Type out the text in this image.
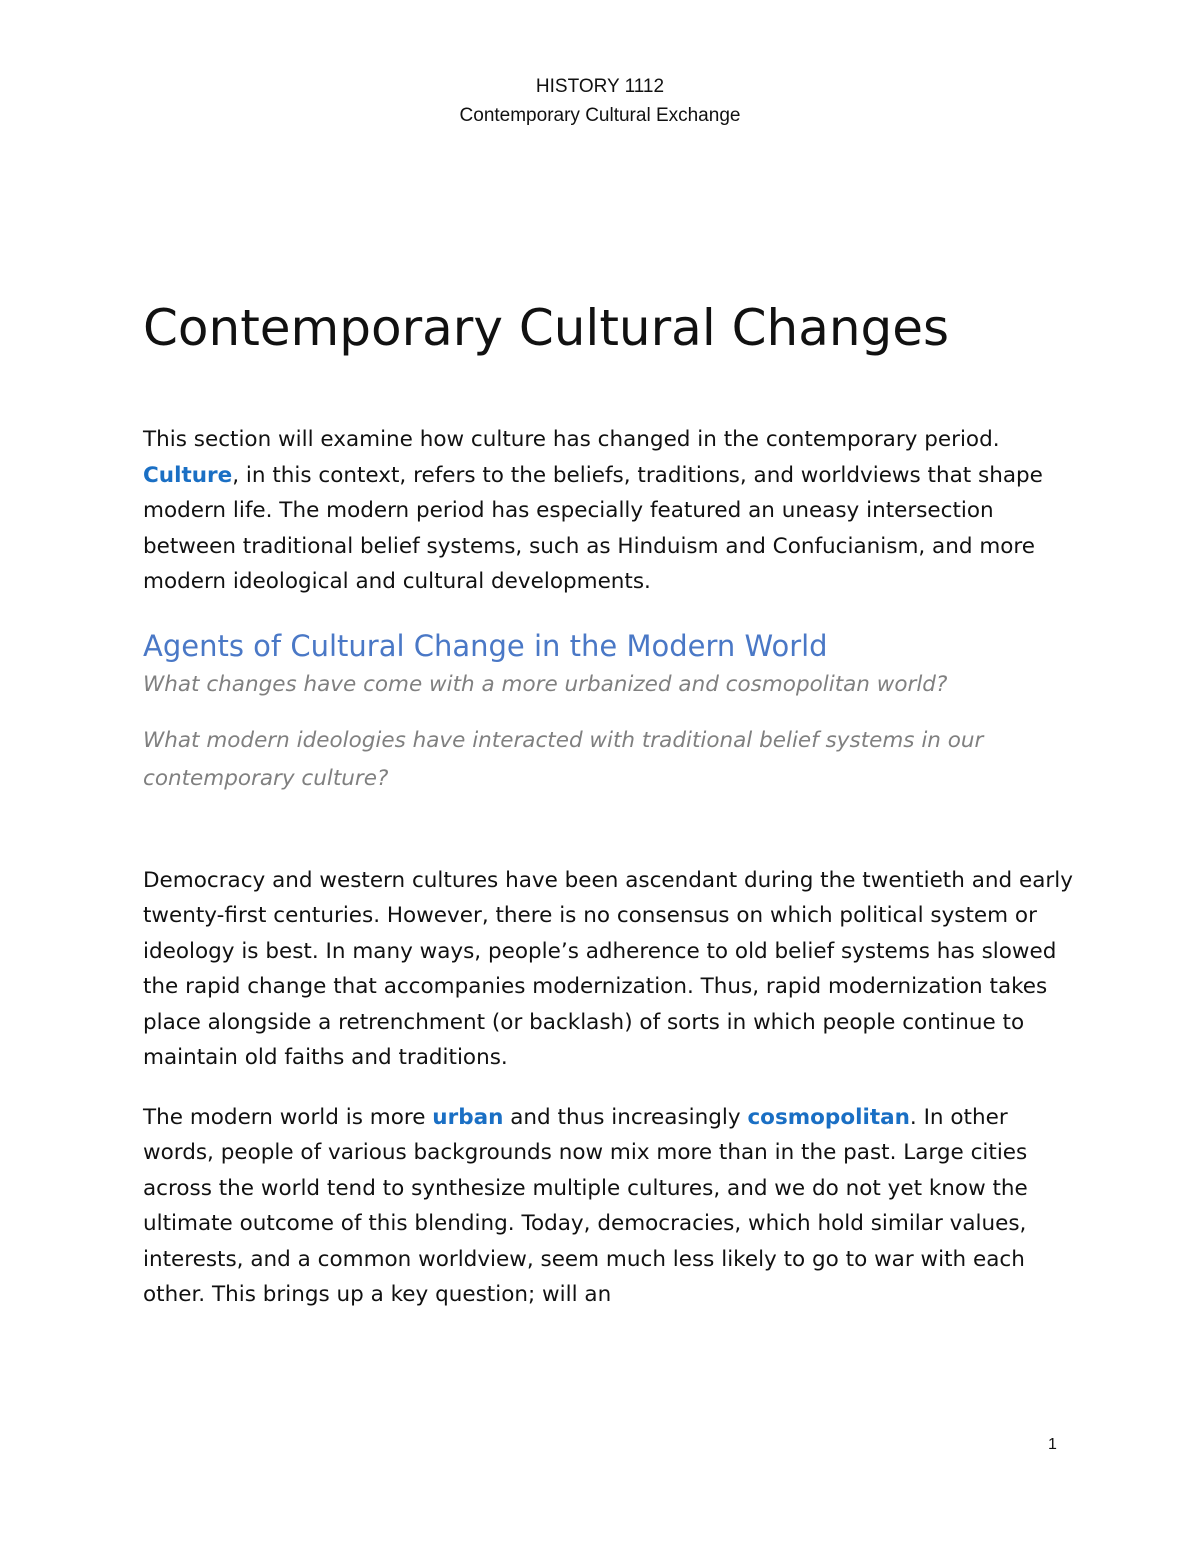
HISTORY 1112
Contemporary Cultural Exchange
Contemporary Cultural Changes

This section will examine how culture has changed in the contemporary period. Culture, in this context, refers to the beliefs, traditions, and worldviews that shape modern life. The modern period has especially featured an uneasy intersection between traditional belief systems, such as Hinduism and Confucianism, and more modern ideological and cultural developments.

Agents of Cultural Change in the Modern World

What changes have come with a more urbanized and cosmopolitan world?

What modern ideologies have interacted with traditional belief systems in our contemporary culture?

Democracy and western cultures have been ascendant during the twentieth and early twenty-first centuries. However, there is no consensus on which political system or ideology is best. In many ways, people’s adherence to old belief systems has slowed the rapid change that accompanies modernization. Thus, rapid modernization takes place alongside a retrenchment (or backlash) of sorts in which people continue to maintain old faiths and traditions.

The modern world is more urban and thus increasingly cosmopolitan. In other words, people of various backgrounds now mix more than in the past. Large cities across the world tend to synthesize multiple cultures, and we do not yet know the ultimate outcome of this blending. Today, democracies, which hold similar values, interests, and a common worldview, seem much less likely to go to war with each other. This brings up a key question; will an

1
